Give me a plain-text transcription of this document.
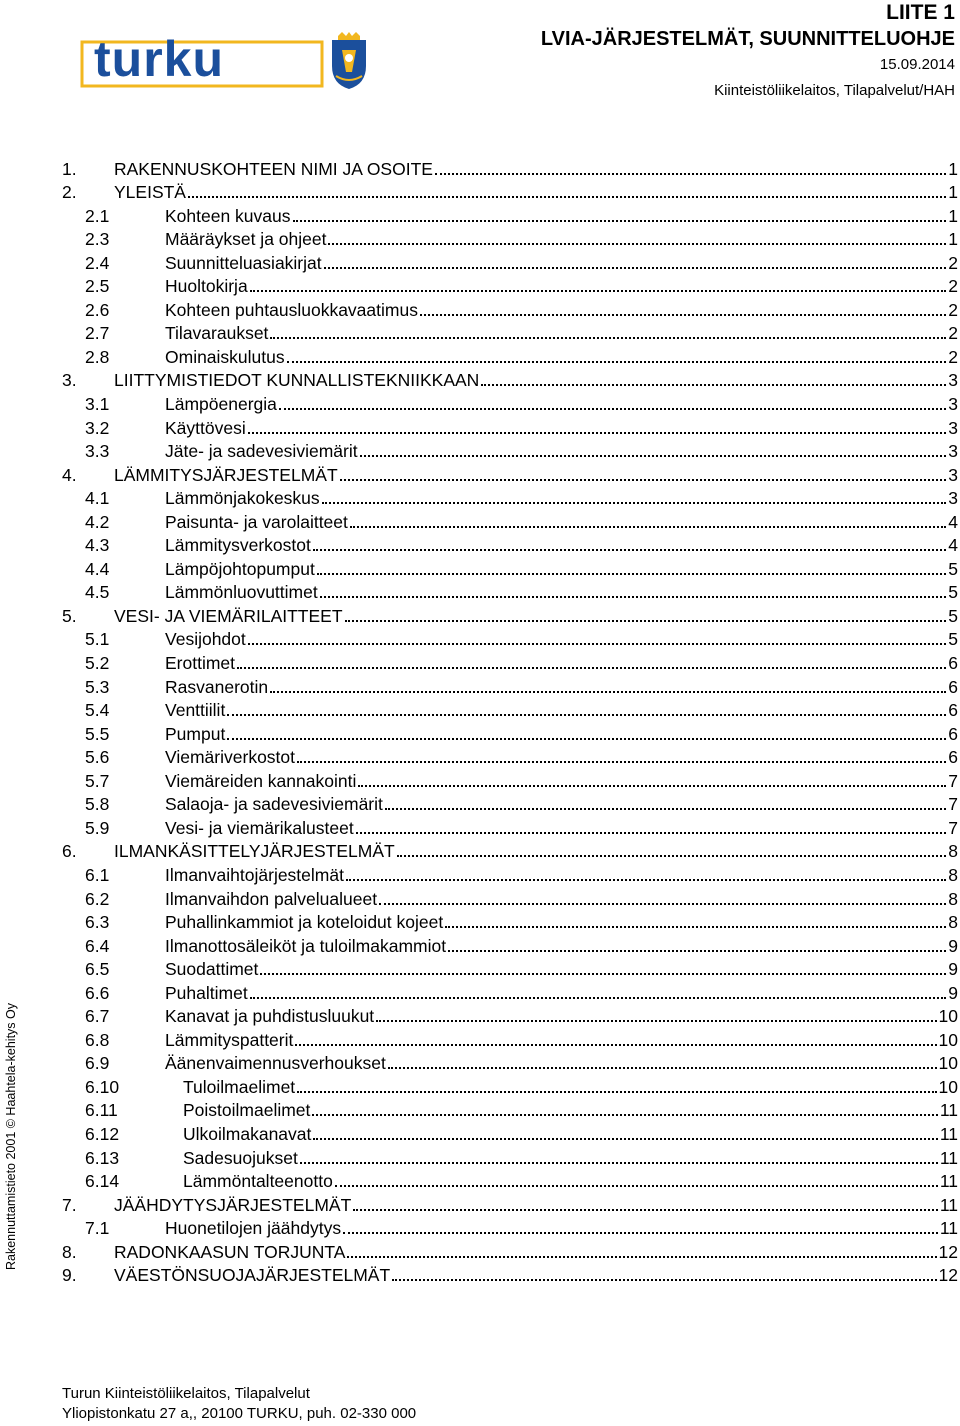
turku
LIITE 1
LVIA-JÄRJESTELMÄT, SUUNNITTELUOHJE
15.09.2014
Kiinteistöliikelaitos, Tilapalvelut/HAH
1.	RAKENNUSKOHTEEN NIMI JA OSOITE	1
2.	YLEISTÄ	1
2.1	Kohteen kuvaus	1
2.3	Määräykset ja ohjeet	1
2.4	Suunnitteluasiakirjat	2
2.5	Huoltokirja	2
2.6	Kohteen puhtausluokkavaatimus	2
2.7	Tilavaraukset	2
2.8	Ominaiskulutus	2
3.	LIITTYMISTIEDOT KUNNALLISTEKNIIKKAAN	3
3.1	Lämpöenergia	3
3.2	Käyttövesi	3
3.3	Jäte- ja sadevesiviemärit	3
4.	LÄMMITYSJÄRJESTELMÄT	3
4.1	Lämmönjakokeskus	3
4.2	Paisunta- ja varolaitteet	4
4.3	Lämmitysverkostot	4
4.4	Lämpöjohtopumput	5
4.5	Lämmönluovuttimet	5
5.	VESI- JA VIEMÄRILAITTEET	5
5.1	Vesijohdot	5
5.2	Erottimet	6
5.3	Rasvanerotin	6
5.4	Venttiilit	6
5.5	Pumput	6
5.6	Viemäriverkostot	6
5.7	Viemäreiden kannakointi	7
5.8	Salaoja- ja sadevesiviemärit	7
5.9	Vesi- ja viemärikalusteet	7
6.	ILMANKÄSITTELYJÄRJESTELMÄT	8
6.1	Ilmanvaihtojärjestelmät	8
6.2	Ilmanvaihdon palvelualueet	8
6.3	Puhallinkammiot ja koteloidut kojeet	8
6.4	Ilmanottosäleiköt ja tuloilmakammiot	9
6.5	Suodattimet	9
6.6	Puhaltimet	9
6.7	Kanavat ja puhdistusluukut	10
6.8	Lämmityspatterit	10
6.9	Äänenvaimennusverhoukset	10
6.10	Tuloilmaelimet	10
6.11	Poistoilmaelimet	11
6.12	Ulkoilmakanavat	11
6.13	Sadesuojukset	11
6.14	Lämmöntalteenotto	11
7.	JÄÄHDYTYSJÄRJESTELMÄT	11
7.1	Huonetilojen jäähdytys	11
8.	RADONKAASUN TORJUNTA	12
9.	VÄESTÖNSUOJAJÄRJESTELMÄT	12
Rakennuttamistieto 2001 © Haahtela-kehitys Oy
Turun Kiinteistöliikelaitos, Tilapalvelut
Yliopistonkatu 27 a,, 20100 TURKU, puh. 02-330 000
